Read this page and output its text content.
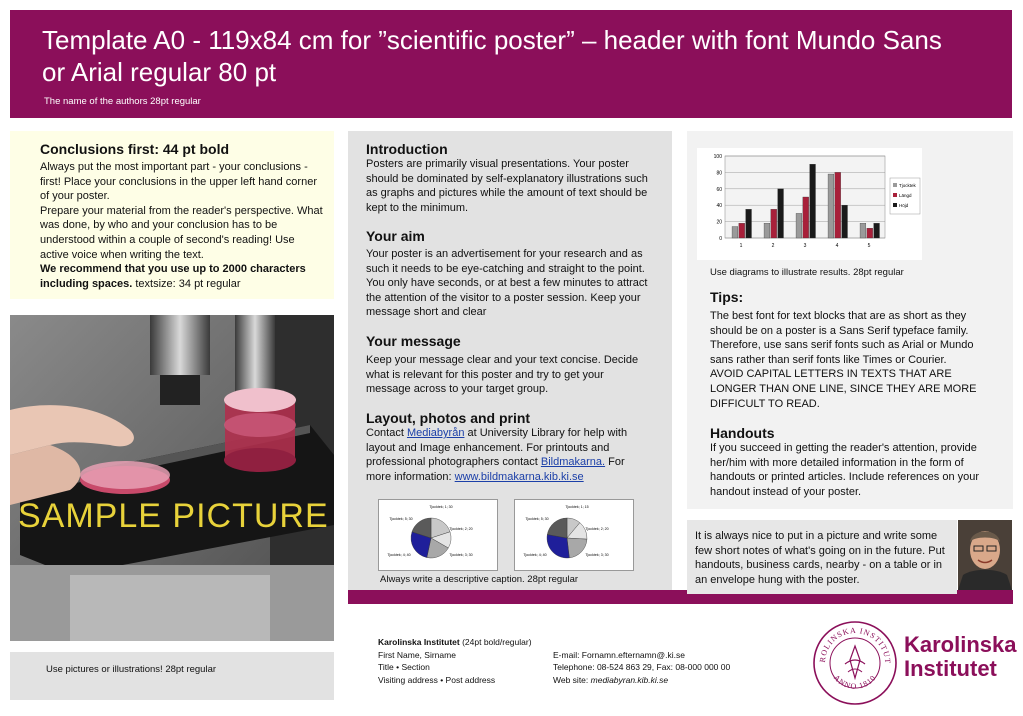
Template A0 - 119x84 cm for ”scientific poster” – header with font Mundo Sans or Arial regular 80 pt
The name of the authors 28pt regular
Conclusions first: 44 pt bold

Always put the most important part - your conclusions - first! Place your conclusions in the upper left hand corner of your poster.

Prepare your material from the reader's perspective. What was done, by who and your conclusion has to be understood within a couple of second's reading! Use active voice when writing the text.

We recommend that you use up to 2000 characters including spaces. textsize: 34 pt regular

SAMPLE PICTURE
Use pictures or illustrations! 28pt regular
Introduction

Posters are primarily visual presentations. Your poster should be dominated by self-explanatory illustrations such as graphs and pictures while the amount of text should be kept to the minimum.

Your aim

Your poster is an advertisement for your research and as such it needs to be eye-catching and straight to the point. You only have seconds, or at best a few minutes to attract the attention of the visitor to a poster session. Keep your message short and clear

Your message

Keep your message clear and your text concise. Decide what is relevant for this poster and try to get your message across to your target group.

Layout, photos and print

Contact Mediabyrån at University Library for help with layout and Image enhancement. For printouts and professional photographers contact Bildmakarna. For more information: www.bildmakarna.kib.ki.se

Tjocktek; 1; 30
Tjocktek; 2; 20
Tjocktek; 3; 30
Tjocktek; 4; 40
Tjocktek; 5; 30
Tjocktek; 1; 15
Tjocktek; 2; 20
Tjocktek; 3; 30
Tjocktek; 4; 40
Tjocktek; 5; 30
Always write a descriptive caption. 28pt regular
0
20
40
60
80
100
1	2	3	4	5
Tjocktek
Längd
Höjd
Use diagrams to illustrate results. 28pt regular
Tips:

The best font for text blocks that are as short as they should be on a poster is a Sans Serif typeface family. Therefore, use sans serif fonts such as Arial or Mundo sans rather than serif fonts like Times or Courier.

AVOID CAPITAL LETTERS IN TEXTS THAT ARE LONGER THAN ONE LINE, SINCE THEY ARE MORE DIFFICULT TO READ.

Handouts

If you succeed in getting the reader's attention, provide her/him with more detailed information in the form of handouts or printed articles. Include references on your handout instead of your poster.

It is always nice to put in a picture and write some few short notes of what's going on in the future. Put handouts, business cards, nearby - on a table or in an envelope hung with the poster.

Karolinska Institutet (24pt bold/regular)
First Name, Sirname
Title • Section
Visiting address • Post address
E-mail: Fornamn.efternamn@.ki.se
Telephone: 08-524 863 29, Fax: 08-000 000 00
Web site: mediabyran.kib.ki.se
ROLINSKA INSTITUT
ANNO 1810
Karolinska
Institutet
